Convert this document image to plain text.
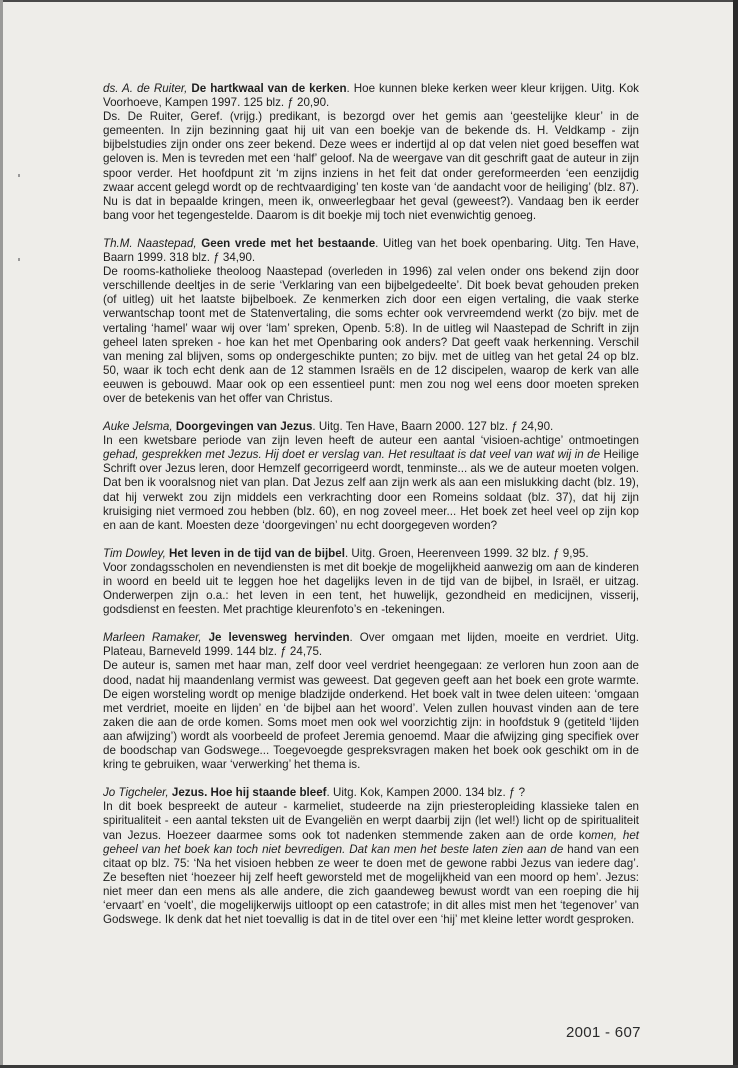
ds. A. de Ruiter, De hartkwaal van de kerken. Hoe kunnen bleke kerken weer kleur krijgen. Uitg. Kok Voorhoeve, Kampen 1997. 125 blz. ƒ 20,90.

Ds. De Ruiter, Geref. (vrijg.) predikant, is bezorgd over het gemis aan ‘geestelijke kleur’ in de gemeenten. In zijn bezinning gaat hij uit van een boekje van de bekende ds. H. Veldkamp - zijn bijbelstudies zijn onder ons zeer bekend. Deze wees er indertijd al op dat velen niet goed beseffen wat geloven is. Men is tevreden met een ‘half’ geloof. Na de weergave van dit geschrift gaat de auteur in zijn spoor verder. Het hoofdpunt zit ‘m zijns inziens in het feit dat onder gereformeerden ‘een eenzijdig zwaar accent gelegd wordt op de rechtvaardiging’ ten koste van ‘de aandacht voor de heiliging’ (blz. 87). Nu is dat in bepaalde kringen, meen ik, onweerlegbaar het geval (geweest?). Vandaag ben ik eerder bang voor het tegengestelde. Daarom is dit boekje mij toch niet evenwichtig genoeg.

Th.M. Naastepad, Geen vrede met het bestaande. Uitleg van het boek openbaring. Uitg. Ten Have, Baarn 1999. 318 blz. ƒ 34,90.

De rooms-katholieke theoloog Naastepad (overleden in 1996) zal velen onder ons bekend zijn door verschillende deeltjes in de serie ‘Verklaring van een bijbelgedeelte’. Dit boek bevat gehouden preken (of uitleg) uit het laatste bijbelboek. Ze kenmerken zich door een eigen vertaling, die vaak sterke verwantschap toont met de Statenvertaling, die soms echter ook vervreemdend werkt (zo bijv. met de vertaling ‘hamel’ waar wij over ‘lam’ spreken, Openb. 5:8). In de uitleg wil Naastepad de Schrift in zijn geheel laten spreken - hoe kan het met Openbaring ook anders? Dat geeft vaak herkenning. Verschil van mening zal blijven, soms op ondergeschikte punten; zo bijv. met de uitleg van het getal 24 op blz. 50, waar ik toch echt denk aan de 12 stammen Israëls en de 12 discipelen, waarop de kerk van alle eeuwen is gebouwd. Maar ook op een essentieel punt: men zou nog wel eens door moeten spreken over de betekenis van het offer van Christus.

Auke Jelsma, Doorgevingen van Jezus. Uitg. Ten Have, Baarn 2000. 127 blz. ƒ 24,90.

In een kwetsbare periode van zijn leven heeft de auteur een aantal ‘visioen-achtige’ ontmoetingen gehad, gesprekken met Jezus. Hij doet er verslag van. Het resultaat is dat veel van wat wij in de Heilige Schrift over Jezus leren, door Hemzelf gecorrigeerd wordt, tenminste... als we de auteur moeten volgen. Dat ben ik vooralsnog niet van plan. Dat Jezus zelf aan zijn werk als aan een mislukking dacht (blz. 19), dat hij verwekt zou zijn middels een verkrachting door een Romeins soldaat (blz. 37), dat hij zijn kruisiging niet vermoed zou hebben (blz. 60), en nog zoveel meer... Het boek zet heel veel op zijn kop en aan de kant. Moesten deze ‘doorgevingen’ nu echt doorgegeven worden?

Tim Dowley, Het leven in de tijd van de bijbel. Uitg. Groen, Heerenveen 1999. 32 blz. ƒ 9,95.

Voor zondagsscholen en nevendiensten is met dit boekje de mogelijkheid aanwezig om aan de kinderen in woord en beeld uit te leggen hoe het dagelijks leven in de tijd van de bijbel, in Israël, er uitzag. Onderwerpen zijn o.a.: het leven in een tent, het huwelijk, gezondheid en medicijnen, visserij, godsdienst en feesten. Met prachtige kleurenfoto’s en -tekeningen.

Marleen Ramaker, Je levensweg hervinden. Over omgaan met lijden, moeite en verdriet. Uitg. Plateau, Barneveld 1999. 144 blz. ƒ 24,75.

De auteur is, samen met haar man, zelf door veel verdriet heengegaan: ze verloren hun zoon aan de dood, nadat hij maandenlang vermist was geweest. Dat gegeven geeft aan het boek een grote warmte. De eigen worsteling wordt op menige bladzijde onderkend. Het boek valt in twee delen uiteen: ‘omgaan met verdriet, moeite en lijden’ en ‘de bijbel aan het woord’. Velen zullen houvast vinden aan de tere zaken die aan de orde komen. Soms moet men ook wel voorzichtig zijn: in hoofdstuk 9 (getiteld ‘lijden aan afwijzing’) wordt als voorbeeld de profeet Jeremia genoemd. Maar die afwijzing ging specifiek over de boodschap van Godswege... Toegevoegde gespreksvragen maken het boek ook geschikt om in de kring te gebruiken, waar ‘verwerking’ het thema is.

Jo Tigcheler, Jezus. Hoe hij staande bleef. Uitg. Kok, Kampen 2000. 134 blz. ƒ ?

In dit boek bespreekt de auteur - karmeliet, studeerde na zijn priesteropleiding klassieke talen en spiritualiteit - een aantal teksten uit de Evangeliën en werpt daarbij zijn (let wel!) licht op de spiritualiteit van Jezus. Hoezeer daarmee soms ook tot nadenken stemmende zaken aan de orde komen, het geheel van het boek kan toch niet bevredigen. Dat kan men het beste laten zien aan de hand van een citaat op blz. 75: ‘Na het visioen hebben ze weer te doen met de gewone rabbi Jezus van iedere dag’. Ze beseften niet ‘hoezeer hij zelf heeft geworsteld met de mogelijkheid van een moord op hem’. Jezus: niet meer dan een mens als alle andere, die zich gaandeweg bewust wordt van een roeping die hij ‘ervaart’ en ‘voelt’, die mogelijkerwijs uitloopt op een catastrofe; in dit alles mist men het ‘tegenover’ van Godswege. Ik denk dat het niet toevallig is dat in de titel over een ‘hij’ met kleine letter wordt gesproken.

2001 - 607
